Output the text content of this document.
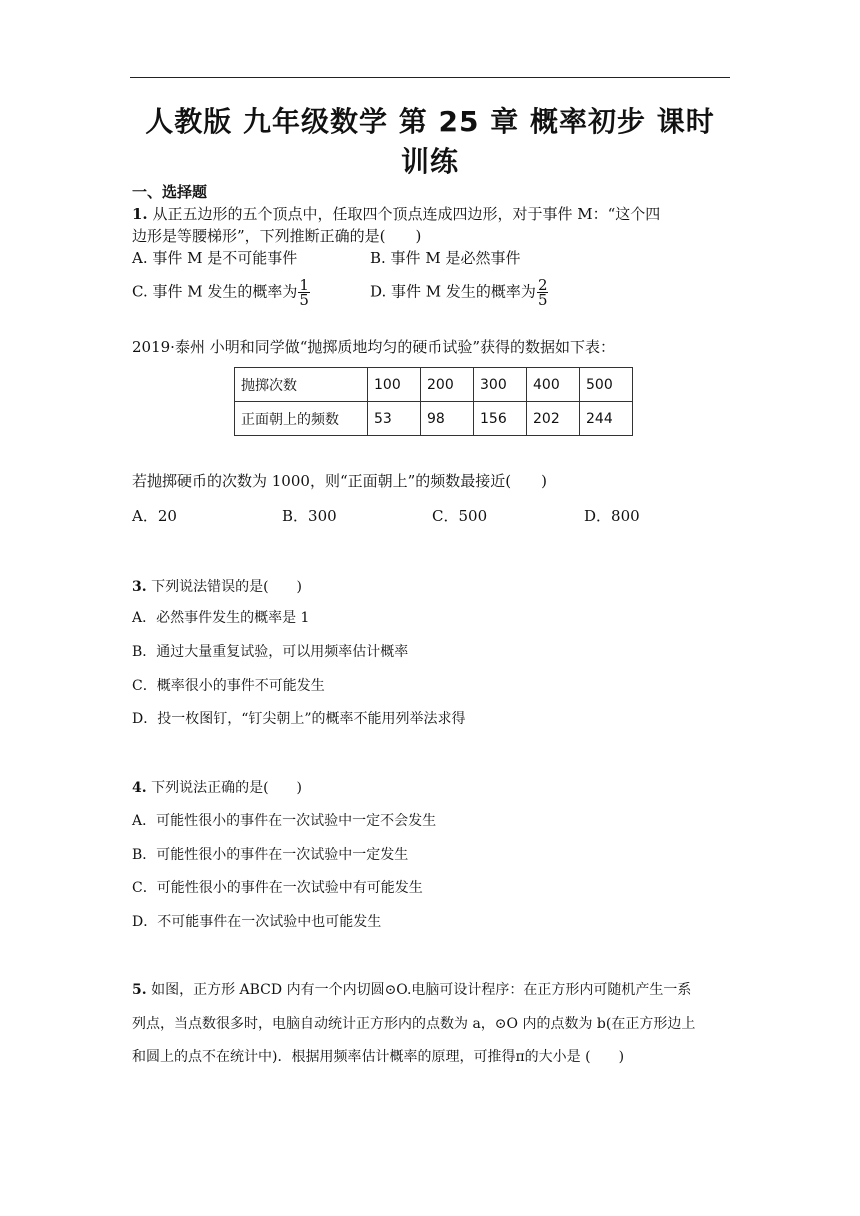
人教版 九年级数学 第 25 章 概率初步 课时
训练
一、选择题
1. 从正五边形的五个顶点中，任取四个顶点连成四边形，对于事件 M：“这个四
边形是等腰梯形”，下列推断正确的是(　　)
A. 事件 M 是不可能事件	B. 事件 M 是必然事件
C. 事件 M 发生的概率为 $\frac{1}{5}$	D. 事件 M 发生的概率为 $\frac{2}{5}$
2019·泰州 小明和同学做“抛掷质地均匀的硬币试验”获得的数据如下表：
抛掷次数	100	200	300	400	500
正面朝上的频数	53	98	156	202	244
若抛掷硬币的次数为 1000，则“正面朝上”的频数最接近(　　)
A．20	B．300	C．500	D．800
3. 下列说法错误的是(　　)
A．必然事件发生的概率是 1
B．通过大量重复试验，可以用频率估计概率
C．概率很小的事件不可能发生
D．投一枚图钉，“钉尖朝上”的概率不能用列举法求得
4. 下列说法正确的是(　　)
A．可能性很小的事件在一次试验中一定不会发生
B．可能性很小的事件在一次试验中一定发生
C．可能性很小的事件在一次试验中有可能发生
D．不可能事件在一次试验中也可能发生
5. 如图，正方形 ABCD 内有一个内切圆⊙O.电脑可设计程序：在正方形内可随机产生一系
列点，当点数很多时，电脑自动统计正方形内的点数为 a，⊙O 内的点数为 b(在正方形边上
和圆上的点不在统计中)．根据用频率估计概率的原理，可推得π的大小是 (　　)
